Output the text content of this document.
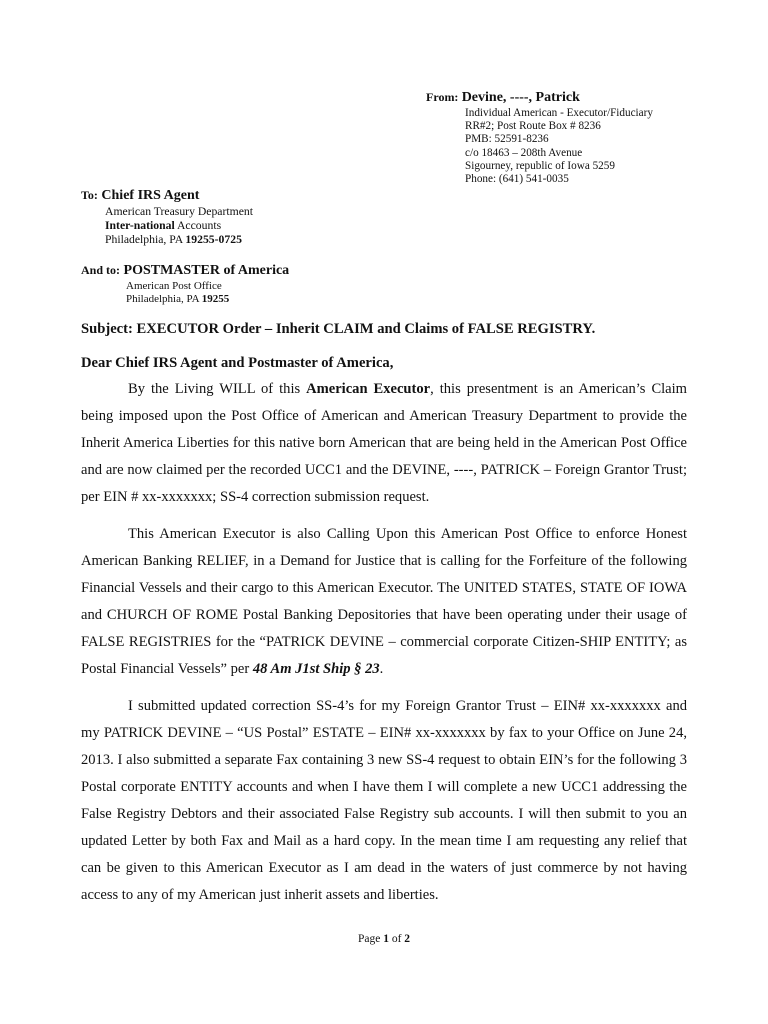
From: Devine, ----, Patrick
Individual American - Executor/Fiduciary
RR#2; Post Route Box # 8236
PMB: 52591-8236
c/o 18463 – 208th Avenue
Sigourney, republic of Iowa 5259
Phone: (641) 541-0035
To: Chief IRS Agent
American Treasury Department
Inter-national Accounts
Philadelphia, PA 19255-0725
And to: POSTMASTER of America
American Post Office
Philadelphia, PA 19255
Subject: EXECUTOR Order – Inherit CLAIM and Claims of FALSE REGISTRY.
Dear Chief IRS Agent and Postmaster of America,

By the Living WILL of this American Executor, this presentment is an American’s Claim being imposed upon the Post Office of American and American Treasury Department to provide the Inherit America Liberties for this native born American that are being held in the American Post Office and are now claimed per the recorded UCC1 and the DEVINE, ----, PATRICK – Foreign Grantor Trust; per EIN # xx-xxxxxxx; SS-4 correction submission request.

This American Executor is also Calling Upon this American Post Office to enforce Honest American Banking RELIEF, in a Demand for Justice that is calling for the Forfeiture of the following Financial Vessels and their cargo to this American Executor. The UNITED STATES, STATE OF IOWA and CHURCH OF ROME Postal Banking Depositories that have been operating under their usage of FALSE REGISTRIES for the “PATRICK DEVINE – commercial corporate Citizen-SHIP ENTITY; as Postal Financial Vessels” per 48 Am J1st Ship § 23.

I submitted updated correction SS-4’s for my Foreign Grantor Trust – EIN# xx-xxxxxxx and my PATRICK DEVINE – “US Postal” ESTATE – EIN# xx-xxxxxxx by fax to your Office on June 24, 2013. I also submitted a separate Fax containing 3 new SS-4 request to obtain EIN’s for the following 3 Postal corporate ENTITY accounts and when I have them I will complete a new UCC1 addressing the False Registry Debtors and their associated False Registry sub accounts. I will then submit to you an updated Letter by both Fax and Mail as a hard copy. In the mean time I am requesting any relief that can be given to this American Executor as I am dead in the waters of just commerce by not having access to any of my American just inherit assets and liberties.

Page 1 of 2
